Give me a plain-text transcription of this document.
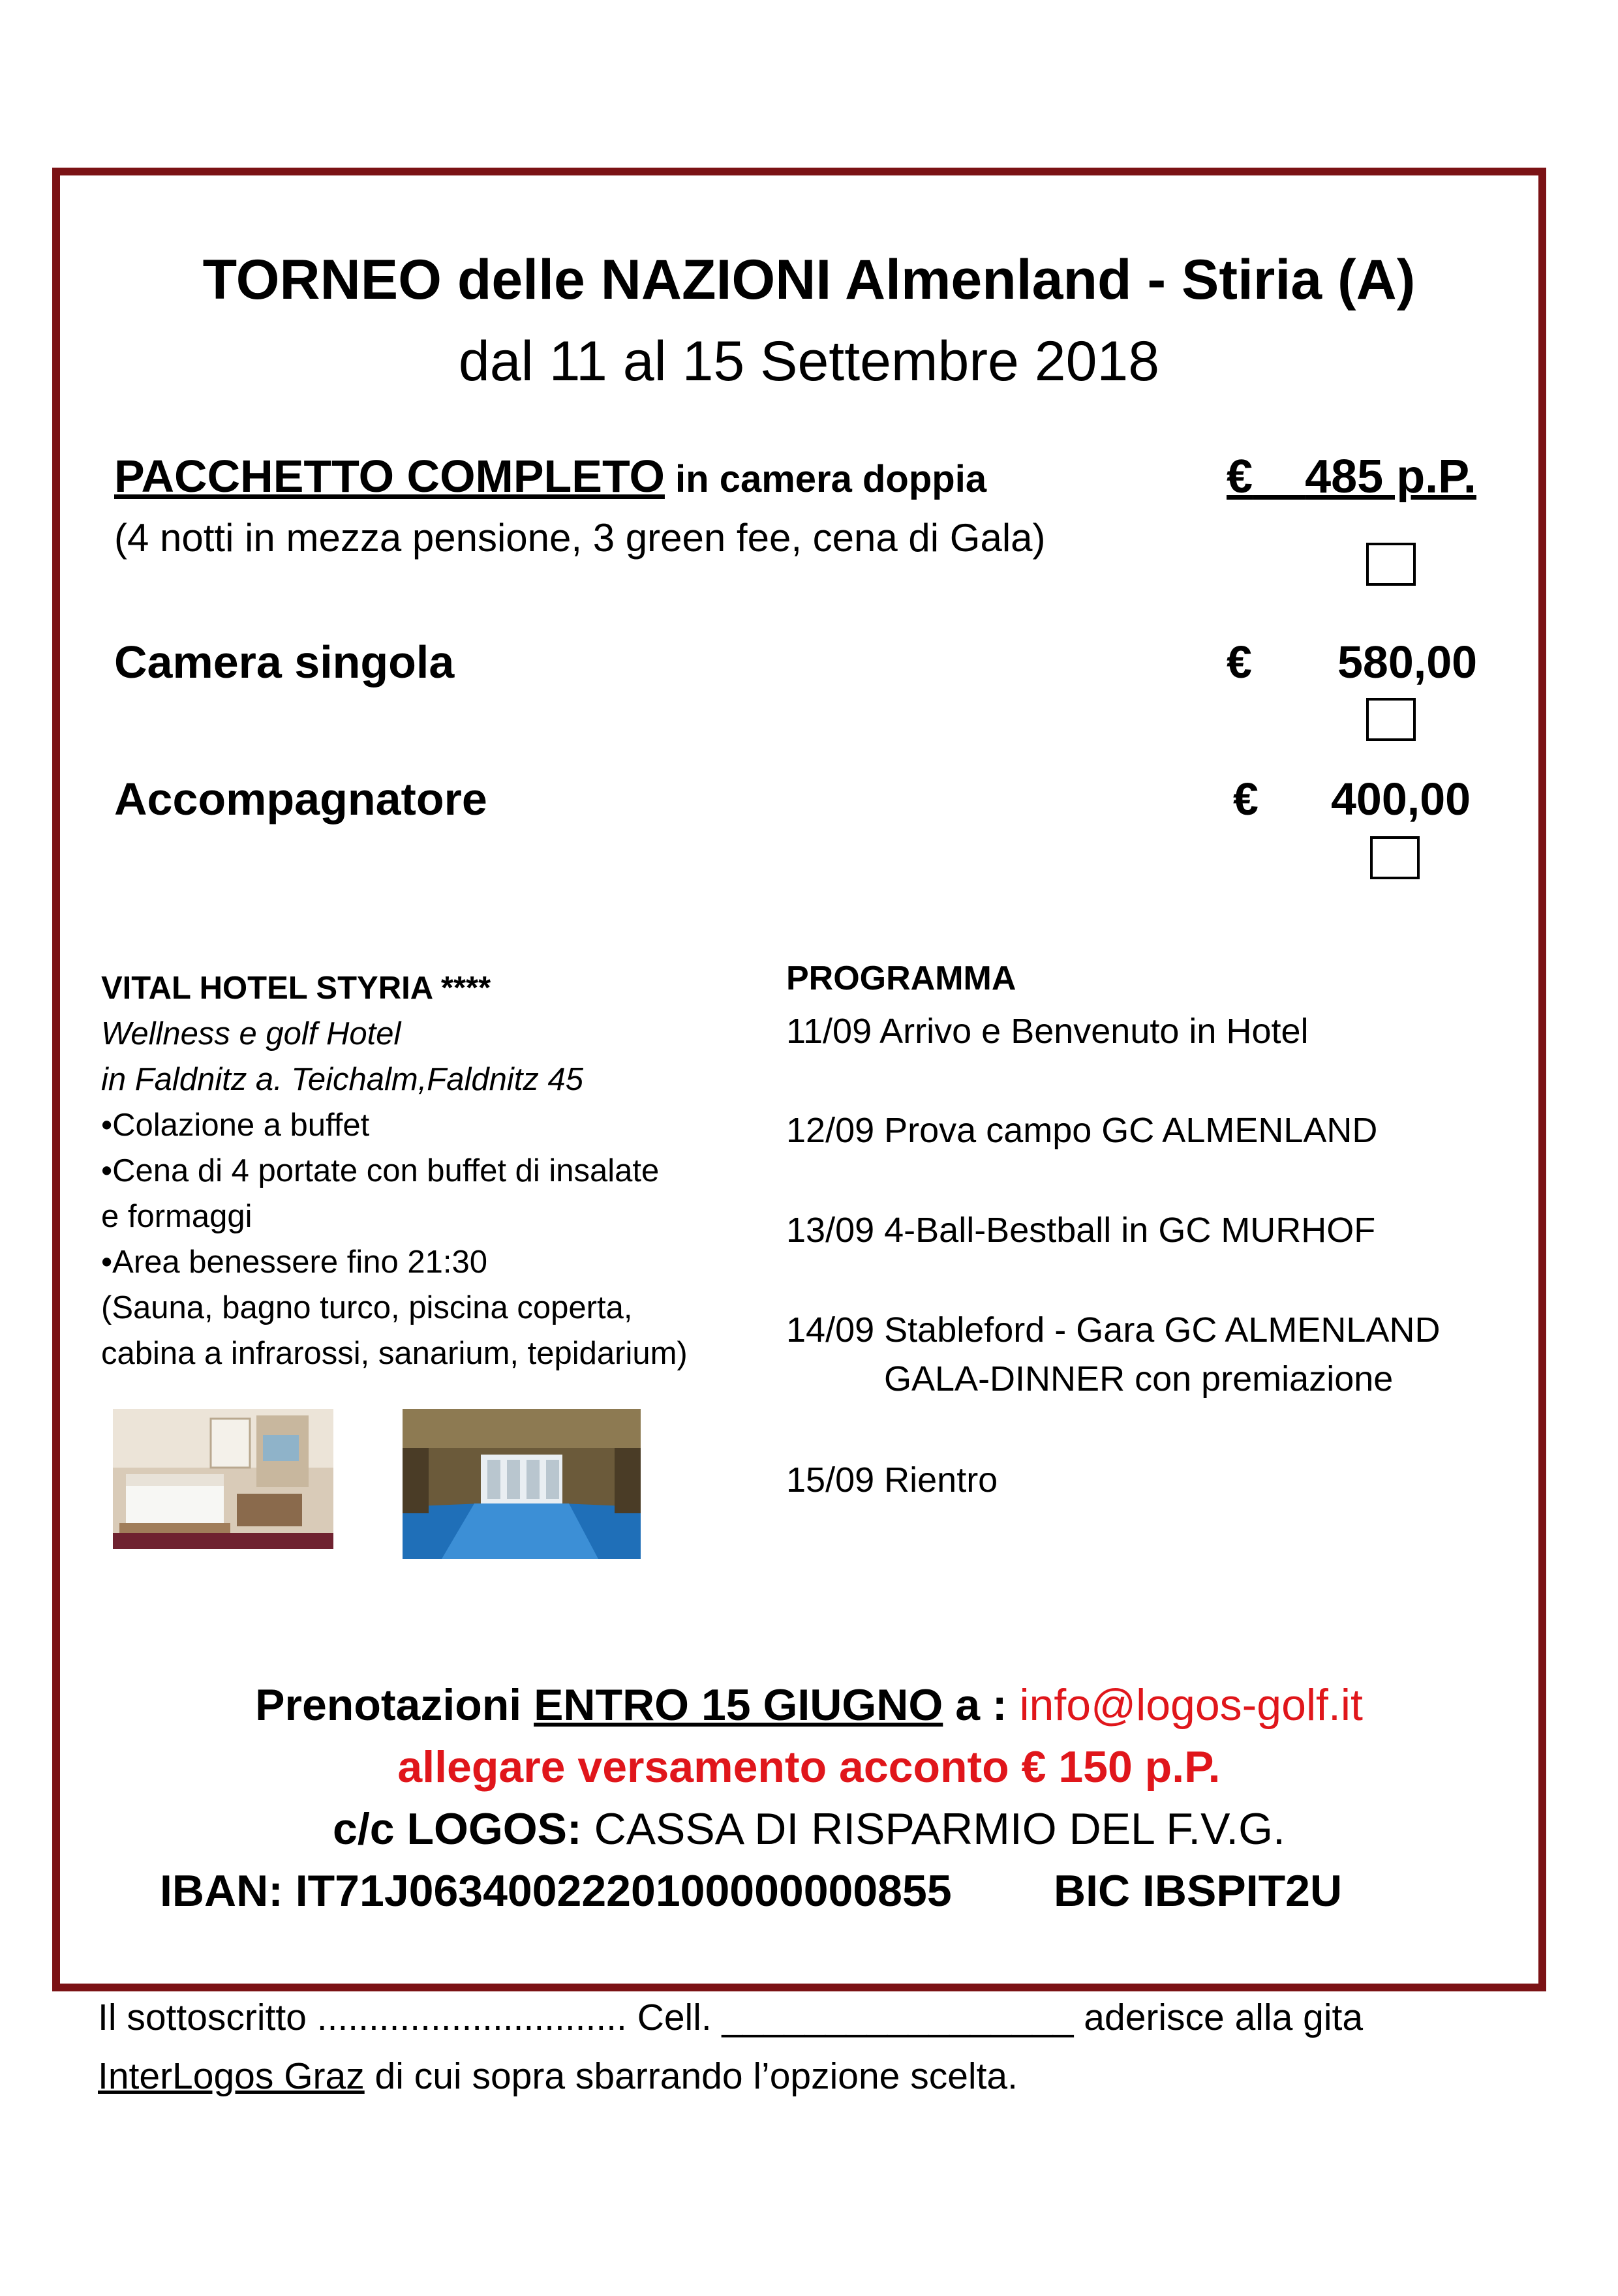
TORNEO delle NAZIONI Almenland - Stiria (A)
dal 11 al 15 Settembre 2018
PACCHETTO COMPLETO in camera doppia	€ 485 p.P.
(4 notti in mezza pensione, 3 green fee, cena di Gala)
Camera singola	€ 580,00
Accompagnatore	€ 400,00
VITAL HOTEL STYRIA ****
Wellness e golf Hotel
in Faldnitz a. Teichalm,Faldnitz 45
•Colazione a buffet
•Cena di 4 portate con buffet di insalate
e formaggi
•Area benessere fino 21:30
(Sauna, bagno turco, piscina coperta,
cabina a infrarossi, sanarium, tepidarium)
PROGRAMMA
11/09 Arrivo e Benvenuto in Hotel
12/09 Prova campo GC ALMENLAND
13/09 4-Ball-Bestball in GC MURHOF
14/09 Stableford - Gara GC ALMENLAND
GALA-DINNER con premiazione
15/09 Rientro
Prenotazioni ENTRO 15 GIUGNO a : info@logos-golf.it
allegare versamento acconto € 150 p.P.
c/c LOGOS: CASSA DI RISPARMIO DEL F.V.G.
IBAN: IT71J0634002220100000000855 BIC IBSPIT2U
Il sottoscritto .............................. Cell. _________________ aderisce alla gita
InterLogos Graz di cui sopra sbarrando l’opzione scelta.
